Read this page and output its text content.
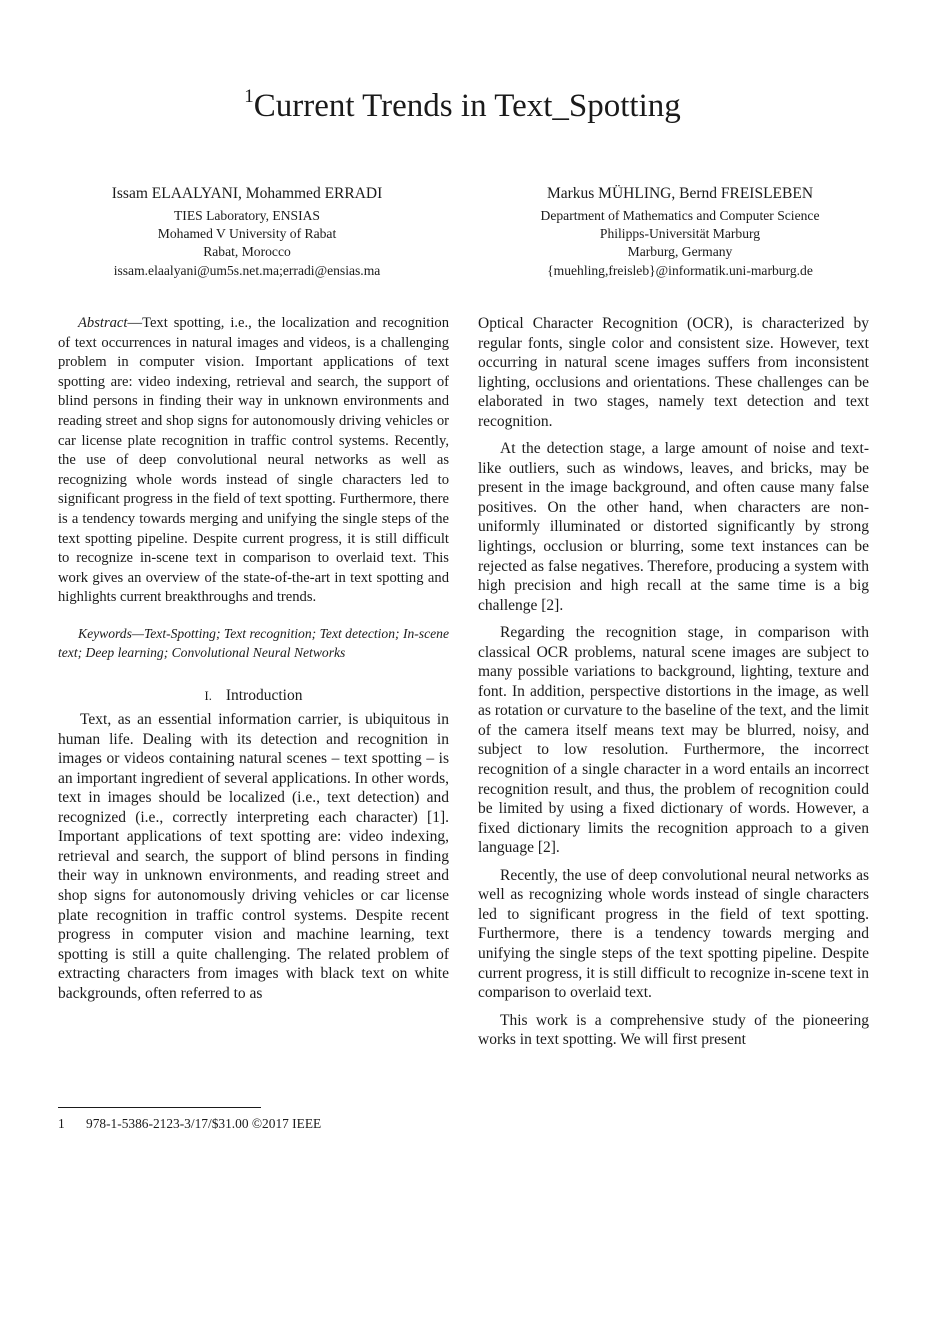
$^1$Current Trends in Text_Spotting
Issam ELAALYANI, Mohammed ERRADI
TIES Laboratory, ENSIAS
Mohamed V University of Rabat
Rabat, Morocco
issam.elaalyani@um5s.net.ma;erradi@ensias.ma
Markus MÜHLING, Bernd FREISLEBEN
Department of Mathematics and Computer Science
Philipps-Universität Marburg
Marburg, Germany
{muehling,freisleb}@informatik.uni-marburg.de

Abstract—Text spotting, i.e., the localization and recognition of text occurrences in natural images and videos, is a challenging problem in computer vision. Important applications of text spotting are: video indexing, retrieval and search, the support of blind persons in finding their way in unknown environments and reading street and shop signs for autonomously driving vehicles or car license plate recognition in traffic control systems. Recently, the use of deep convolutional neural networks as well as recognizing whole words instead of single characters led to significant progress in the field of text spotting. Furthermore, there is a tendency towards merging and unifying the single steps of the text spotting pipeline. Despite current progress, it is still difficult to recognize in-scene text in comparison to overlaid text. This work gives an overview of the state-of-the-art in text spotting and highlights current breakthroughs and trends.

Keywords—Text-Spotting; Text recognition; Text detection; In-scene text; Deep learning; Convolutional Neural Networks

I. Introduction

Text, as an essential information carrier, is ubiquitous in human life. Dealing with its detection and recognition in images or videos containing natural scenes – text spotting – is an important ingredient of several applications. In other words, text in images should be localized (i.e., text detection) and recognized (i.e., correctly interpreting each character) [1]. Important applications of text spotting are: video indexing, retrieval and search, the support of blind persons in finding their way in unknown environments, and reading street and shop signs for autonomously driving vehicles or car license plate recognition in traffic control systems. Despite recent progress in computer vision and machine learning, text spotting is still a quite challenging. The related problem of extracting characters from images with black text on white backgrounds, often referred to as

Optical Character Recognition (OCR), is characterized by regular fonts, single color and consistent size. However, text occurring in natural scene images suffers from inconsistent lighting, occlusions and orientations. These challenges can be elaborated in two stages, namely text detection and text recognition.

At the detection stage, a large amount of noise and text-like outliers, such as windows, leaves, and bricks, may be present in the image background, and often cause many false positives. On the other hand, when characters are non-uniformly illuminated or distorted significantly by strong lightings, occlusion or blurring, some text instances can be rejected as false negatives. Therefore, producing a system with high precision and high recall at the same time is a big challenge [2].

Regarding the recognition stage, in comparison with classical OCR problems, natural scene images are subject to many possible variations to background, lighting, texture and font. In addition, perspective distortions in the image, as well as rotation or curvature to the baseline of the text, and the limit of the camera itself means text may be blurred, noisy, and subject to low resolution. Furthermore, the incorrect recognition of a single character in a word entails an incorrect recognition result, and thus, the problem of recognition could be limited by using a fixed dictionary of words. However, a fixed dictionary limits the recognition approach to a given language [2].

Recently, the use of deep convolutional neural networks as well as recognizing whole words instead of single characters led to significant progress in the field of text spotting. Furthermore, there is a tendency towards merging and unifying the single steps of the text spotting pipeline. Despite current progress, it is still difficult to recognize in-scene text in comparison to overlaid text.

This work is a comprehensive study of the pioneering works in text spotting. We will first present

1 978-1-5386-2123-3/17/$31.00 ©2017 IEEE
